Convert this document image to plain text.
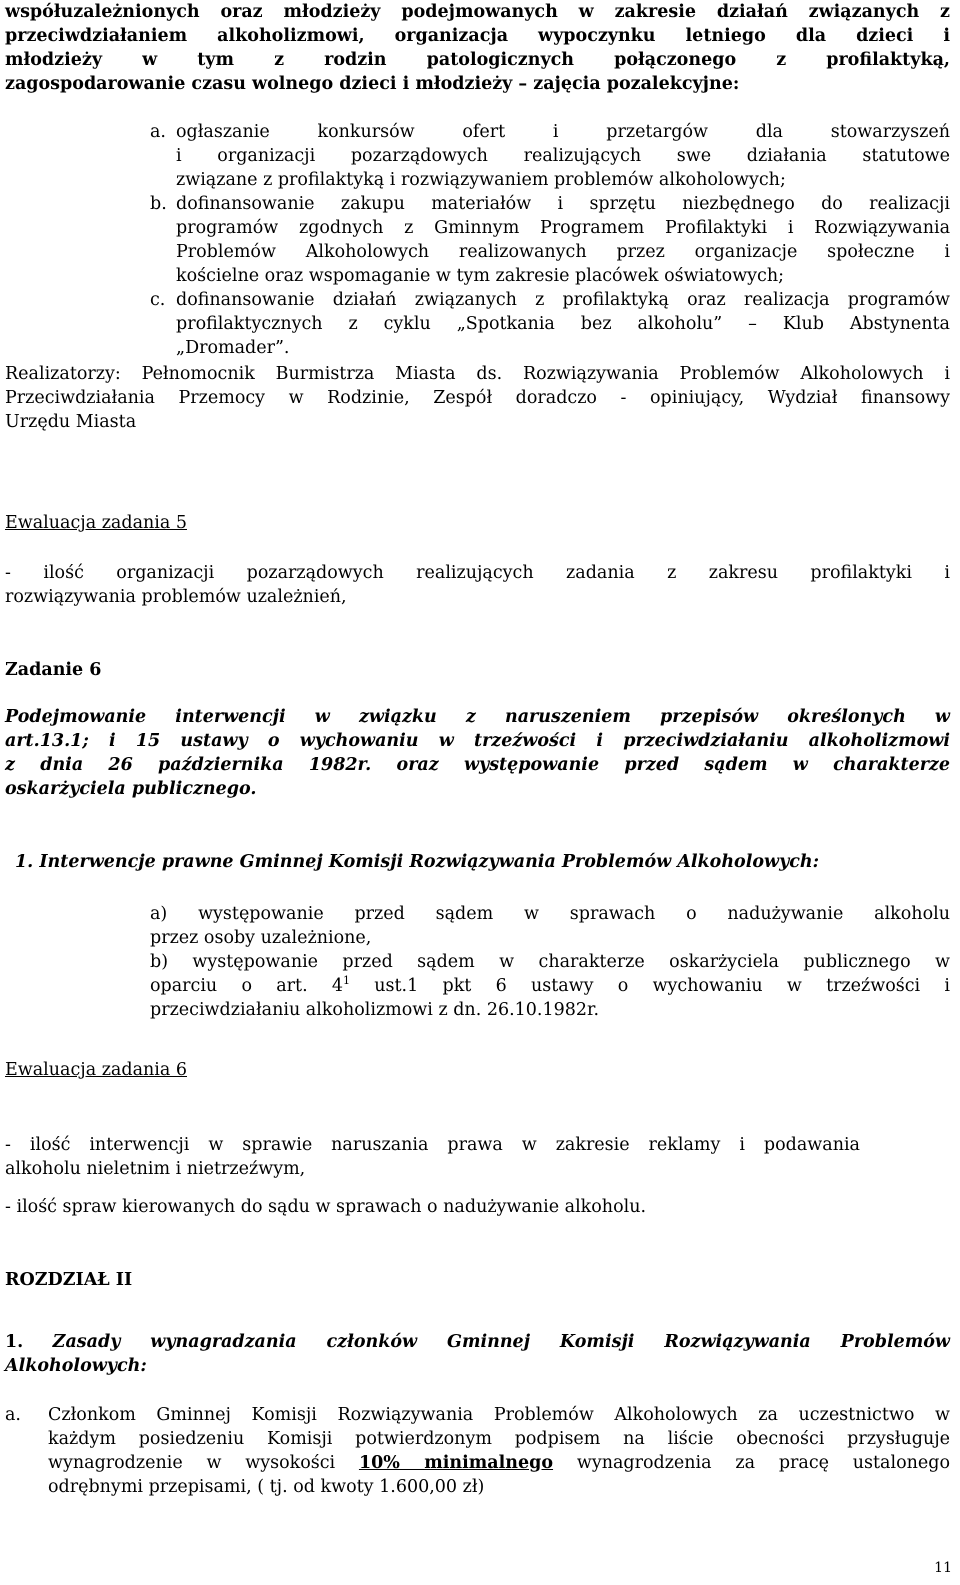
współuzależnionych oraz młodzieży podejmowanych w zakresie działań związanych z
przeciwdziałaniem alkoholizmowi, organizacja wypoczynku letniego dla dzieci i
młodzieży w tym z rodzin patologicznych połączonego z profilaktyką,
zagospodarowanie czasu wolnego dzieci i młodzieży – zajęcia pozalekcyjne:
a. ogłaszanie konkursów ofert i przetargów dla stowarzyszeń
i organizacji pozarządowych realizujących swe działania statutowe
związane z profilaktyką i rozwiązywaniem problemów alkoholowych;
b. dofinansowanie zakupu materiałów i sprzętu niezbędnego do realizacji
programów zgodnych z Gminnym Programem Profilaktyki i Rozwiązywania
Problemów Alkoholowych realizowanych przez organizacje społeczne i
kościelne oraz wspomaganie w tym zakresie placówek oświatowych;
c. dofinansowanie działań związanych z profilaktyką oraz realizacja programów
profilaktycznych z cyklu „Spotkania bez alkoholu” – Klub Abstynenta
„Dromader”.
Realizatorzy: Pełnomocnik Burmistrza Miasta ds. Rozwiązywania Problemów Alkoholowych i
Przeciwdziałania Przemocy w Rodzinie, Zespół doradczo - opiniujący, Wydział finansowy
Urzędu Miasta

Ewaluacja zadania 5

- ilość organizacji pozarządowych realizujących zadania z zakresu profilaktyki i
rozwiązywania problemów uzależnień,

Zadanie 6

Podejmowanie interwencji w związku z naruszeniem przepisów określonych w
art.13.1; i 15 ustawy o wychowaniu w trzeźwości i przeciwdziałaniu alkoholizmowi
z dnia 26 października 1982r. oraz występowanie przed sądem w charakterze
oskarżyciela publicznego.

1. Interwencje prawne Gminnej Komisji Rozwiązywania Problemów Alkoholowych:

a) występowanie przed sądem w sprawach o nadużywanie alkoholu
przez osoby uzależnione,
b) występowanie przed sądem w charakterze oskarżyciela publicznego w
oparciu o art. $4^1$ ust.1 pkt 6 ustawy o wychowaniu w trzeźwości i
przeciwdziałaniu alkoholizmowi z dn. 26.10.1982r.

Ewaluacja zadania 6

- ilość interwencji w sprawie naruszania prawa w zakresie reklamy i podawania
alkoholu nieletnim i nietrzeźwym,

- ilość spraw kierowanych do sądu w sprawach o nadużywanie alkoholu.

ROZDZIAŁ II

1. Zasady wynagradzania członków Gminnej Komisji Rozwiązywania Problemów
Alkoholowych:
a. Członkom Gminnej Komisji Rozwiązywania Problemów Alkoholowych za uczestnictwo w
każdym posiedzeniu Komisji potwierdzonym podpisem na liście obecności przysługuje
wynagrodzenie w wysokości 10% minimalnego wynagrodzenia za pracę ustalonego
odrębnymi przepisami, ( tj. od kwoty 1.600,00 zł)
11
